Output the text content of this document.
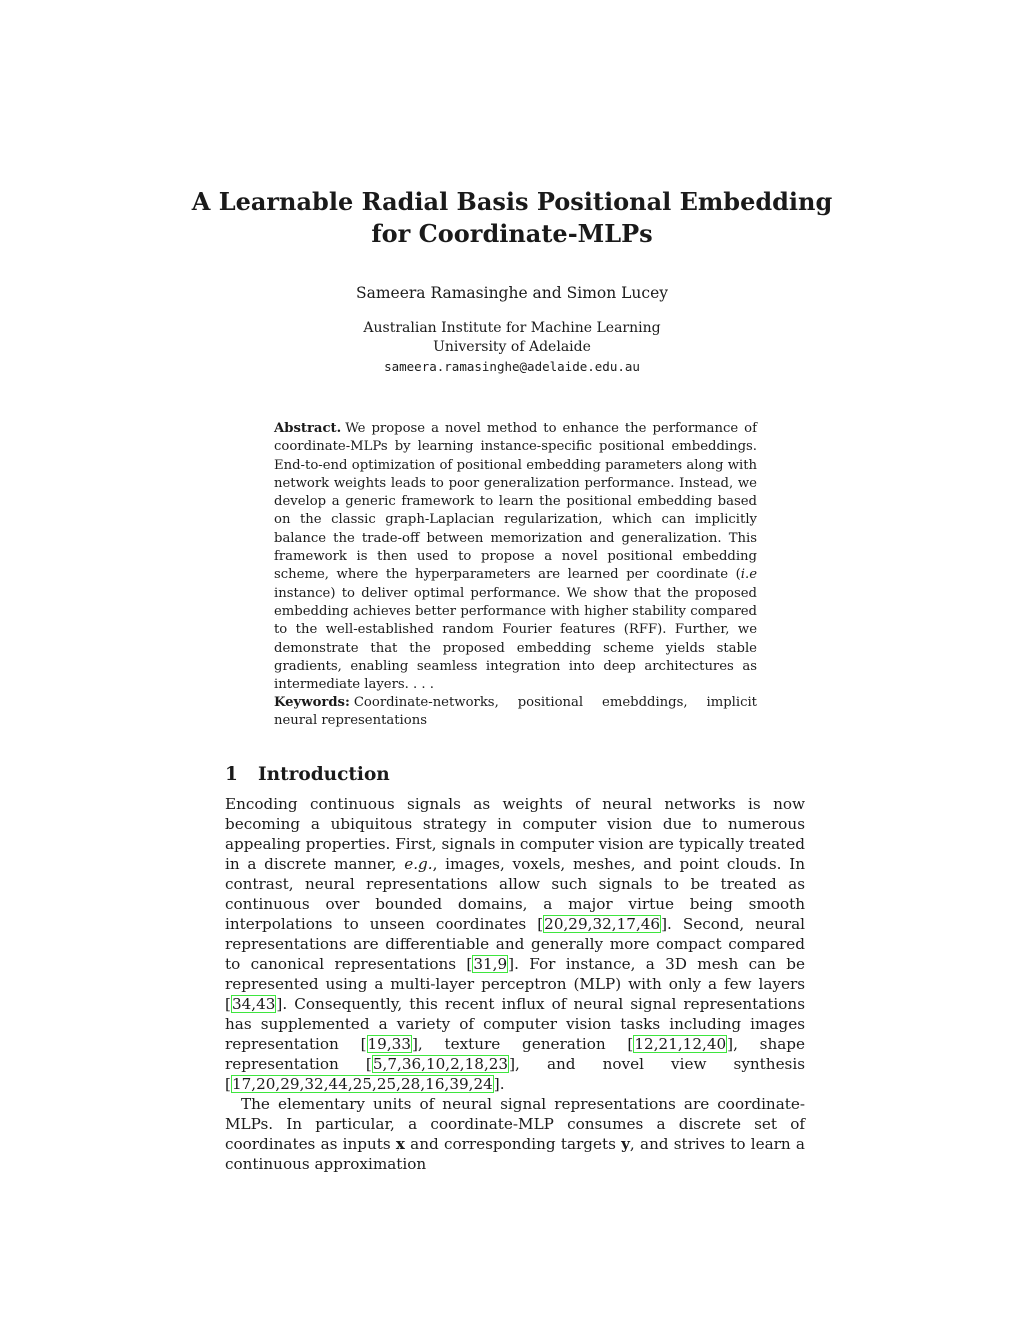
A Learnable Radial Basis Positional Embedding
for Coordinate-MLPs
Sameera Ramasinghe and Simon Lucey
Australian Institute for Machine Learning
University of Adelaide
sameera.ramasinghe@adelaide.edu.au
Abstract. We propose a novel method to enhance the performance of coordinate-MLPs by learning instance-specific positional embeddings. End-to-end optimization of positional embedding parameters along with network weights leads to poor generalization performance. Instead, we develop a generic framework to learn the positional embedding based on the classic graph-Laplacian regularization, which can implicitly balance the trade-off between memorization and generalization. This framework is then used to propose a novel positional embedding scheme, where the hyperparameters are learned per coordinate (i.e instance) to deliver optimal performance. We show that the proposed embedding achieves better performance with higher stability compared to the well-established random Fourier features (RFF). Further, we demonstrate that the proposed embedding scheme yields stable gradients, enabling seamless integration into deep architectures as intermediate layers. . . .
Keywords: Coordinate-networks, positional emebddings, implicit neural representations
1 Introduction

Encoding continuous signals as weights of neural networks is now becoming a ubiquitous strategy in computer vision due to numerous appealing properties. First, signals in computer vision are typically treated in a discrete manner, e.g., images, voxels, meshes, and point clouds. In contrast, neural representations allow such signals to be treated as continuous over bounded domains, a major virtue being smooth interpolations to unseen coordinates [20,29,32,17,46]. Second, neural representations are differentiable and generally more compact compared to canonical representations [31,9]. For instance, a 3D mesh can be represented using a multi-layer perceptron (MLP) with only a few layers [34,43]. Consequently, this recent influx of neural signal representations has supplemented a variety of computer vision tasks including images representation [19,33], texture generation [12,21,12,40], shape representation [5,7,36,10,2,18,23], and novel view synthesis [17,20,29,32,44,25,25,28,16,39,24].

The elementary units of neural signal representations are coordinate-MLPs. In particular, a coordinate-MLP consumes a discrete set of coordinates as inputs x and corresponding targets y, and strives to learn a continuous approximation
